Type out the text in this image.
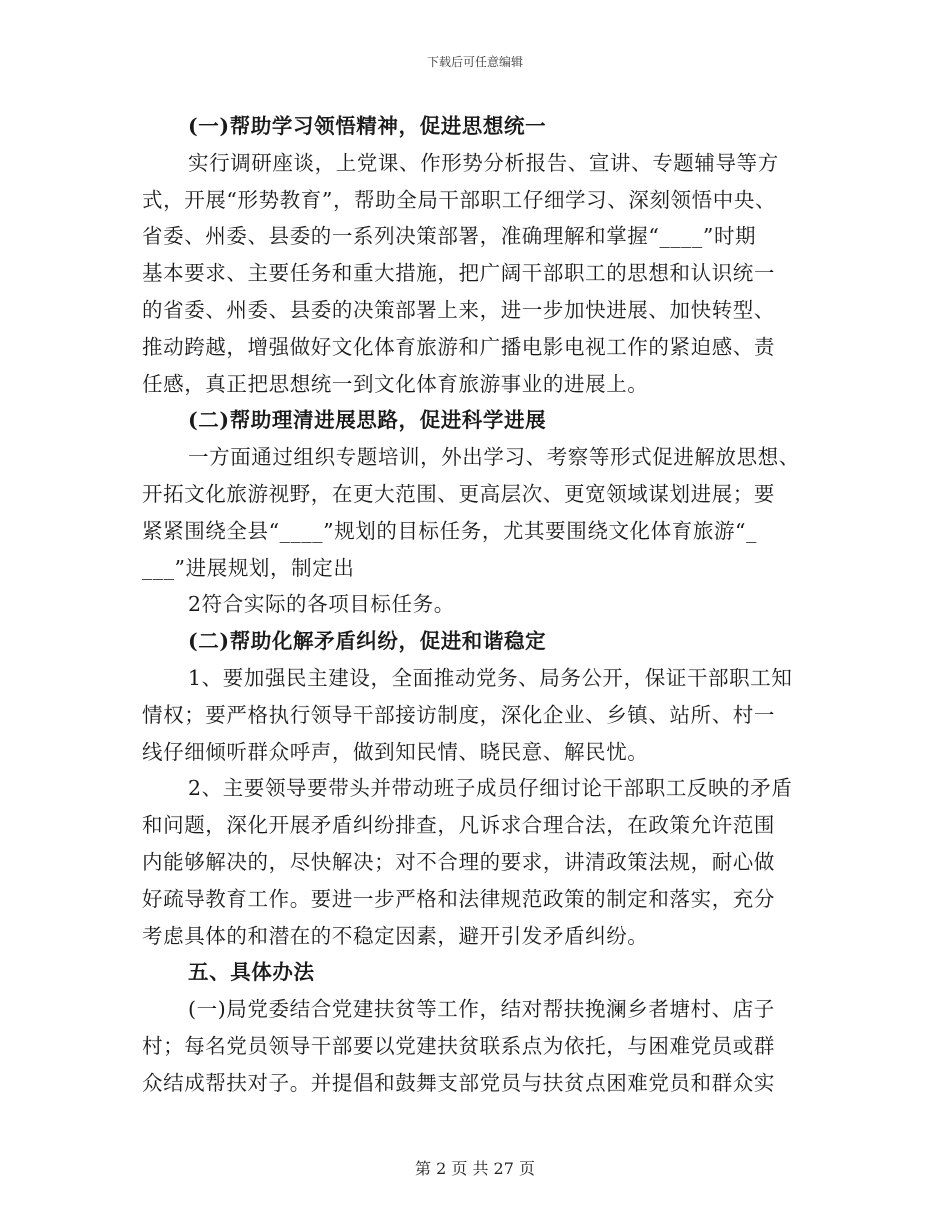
下载后可任意编辑
(一)帮助学习领悟精神，促进思想统一
实行调研座谈，上党课、作形势分析报告、宣讲、专题辅导等方
式，开展“形势教育”，帮助全局干部职工仔细学习、深刻领悟中央、
省委、州委、县委的一系列决策部署，准确理解和掌握“____”时期
基本要求、主要任务和重大措施，把广阔干部职工的思想和认识统一
的省委、州委、县委的决策部署上来，进一步加快进展、加快转型、
推动跨越，增强做好文化体育旅游和广播电影电视工作的紧迫感、责
任感，真正把思想统一到文化体育旅游事业的进展上。
(二)帮助理清进展思路，促进科学进展
一方面通过组织专题培训，外出学习、考察等形式促进解放思想、
开拓文化旅游视野，在更大范围、更高层次、更宽领域谋划进展；要
紧紧围绕全县“____”规划的目标任务，尤其要围绕文化体育旅游“_
___”进展规划，制定出
2符合实际的各项目标任务。
(二)帮助化解矛盾纠纷，促进和谐稳定
1、要加强民主建设，全面推动党务、局务公开，保证干部职工知
情权；要严格执行领导干部接访制度，深化企业、乡镇、站所、村一
线仔细倾听群众呼声，做到知民情、晓民意、解民忧。
2、主要领导要带头并带动班子成员仔细讨论干部职工反映的矛盾
和问题，深化开展矛盾纠纷排查，凡诉求合理合法，在政策允许范围
内能够解决的，尽快解决；对不合理的要求，讲清政策法规，耐心做
好疏导教育工作。要进一步严格和法律规范政策的制定和落实，充分
考虑具体的和潜在的不稳定因素，避开引发矛盾纠纷。
五、具体办法
(一)局党委结合党建扶贫等工作，结对帮扶挽澜乡者塘村、店子
村；每名党员领导干部要以党建扶贫联系点为依托，与困难党员或群
众结成帮扶对子。并提倡和鼓舞支部党员与扶贫点困难党员和群众实
第 2 页 共 27 页
